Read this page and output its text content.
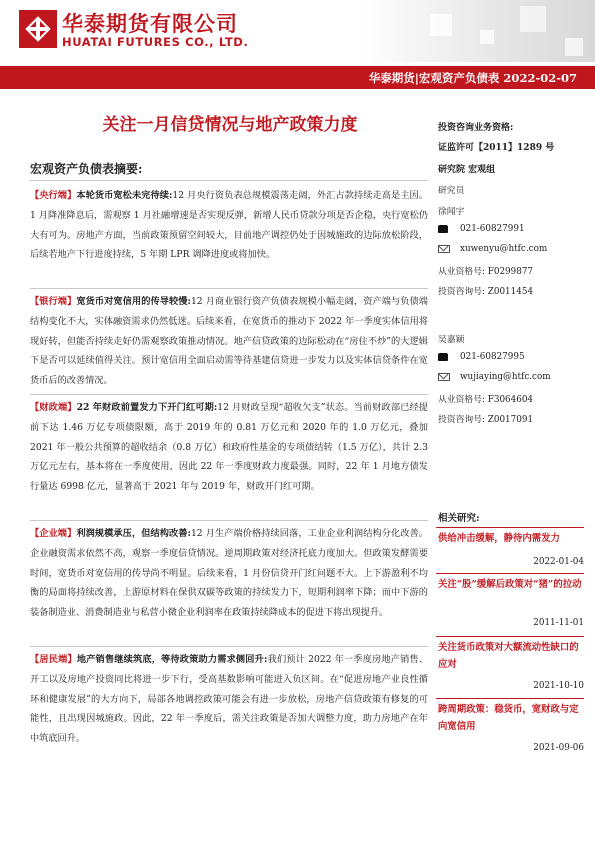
华泰期货有限公司
HUATAI FUTURES CO., LTD.
华泰期货|宏观资产负债表 2022-02-07
关注一月信贷情况与地产政策力度
宏观资产负债表摘要:
【央行端】本轮货币宽松未完待续:12 月央行资负表总规模震荡走阔，外汇占款持续走高是主因。1 月降准降息后，需观察 1 月社融增速是否实现反弹，新增人民币贷款分项是否企稳，央行宽松仍大有可为。房地产方面，当前政策预留空间较大，目前地产调控仍处于因城施政的边际放松阶段，后续若地产下行进度持续，5 年期 LPR 调降进度或将加快。
【银行端】宽货币对宽信用的传导较慢:12 月商业银行资产负债表规模小幅走阔，资产端与负债端结构变化不大，实体融资需求仍然低迷。后续来看，在宽货币的推动下 2022 年一季度实体信用将现好转，但能否持续走好仍需观察政策推动情况。地产信贷政策的边际松动在“房住不炒”的大逻辑下是否可以延续值得关注。预计宽信用全面启动需等待基建信贷进一步发力以及实体信贷条件在宽货币后的改善情况。
【财政端】22 年财政前置发力下开门红可期:12 月财政呈现“超收欠支”状态。当前财政部已经提前下达 1.46 万亿专项债限额，高于 2019 年的 0.81 万亿元和 2020 年的 1.0 万亿元，叠加 2021 年一般公共预算的超收结余（0.8 万亿）和政府性基金的专项债结转（1.5 万亿），共计 2.3 万亿元左右，基本将在一季度使用，因此 22 年一季度财政力度最强。同时，22 年 1 月地方债发行量达 6998 亿元，显著高于 2021 年与 2019 年，财政开门红可期。
【企业端】利润规模承压，但结构改善:12 月生产端价格持续回落，工业企业利润结构分化改善。企业融资需求依然不高，观察一季度信贷情况。逆周期政策对经济托底力度加大。但政策发酵需要时间，宽货币对宽信用的传导尚不明显。后续来看，1 月份信贷开门红问题不大。上下游盈利不均衡的局面将持续改善，上游原材料在保供双碳等政策的持续发力下，短期利润率下降；而中下游的装备制造业、消费制造业与私营小微企业利润率在政策持续降成本的促进下将出现提升。
【居民端】地产销售继续筑底，等待政策助力需求侧回升:我们预计 2022 年一季度房地产销售、开工以及房地产投资同比将进一步下行，受高基数影响可能进入负区间。在“促进房地产业良性循环和健康发展”的大方向下，局部各地调控政策可能会有进一步放松，房地产信贷政策有修复的可能性，且出现因城施政。因此，22 年一季度后，需关注政策是否加大调整力度，助力房地产在年中筑底回升。
投资咨询业务资格:
证监许可【2011】1289 号
研究院 宏观组
研究员
徐闻宇
021-60827991
xuwenyu@htfc.com
从业资格号: F0299877
投资咨询号: Z0011454
吴嘉颖
021-60827995
wujiaying@htfc.com
从业资格号: F3064604
投资咨询号: Z0017091
相关研究:
供给冲击缓解，静待内需发力
2022-01-04
关注“股”缓解后政策对“猪”的拉动
2011-11-01
关注货币政策对大额流动性缺口的应对
2021-10-10
跨周期政策：稳货币，宽财政与定向宽信用
2021-09-06
